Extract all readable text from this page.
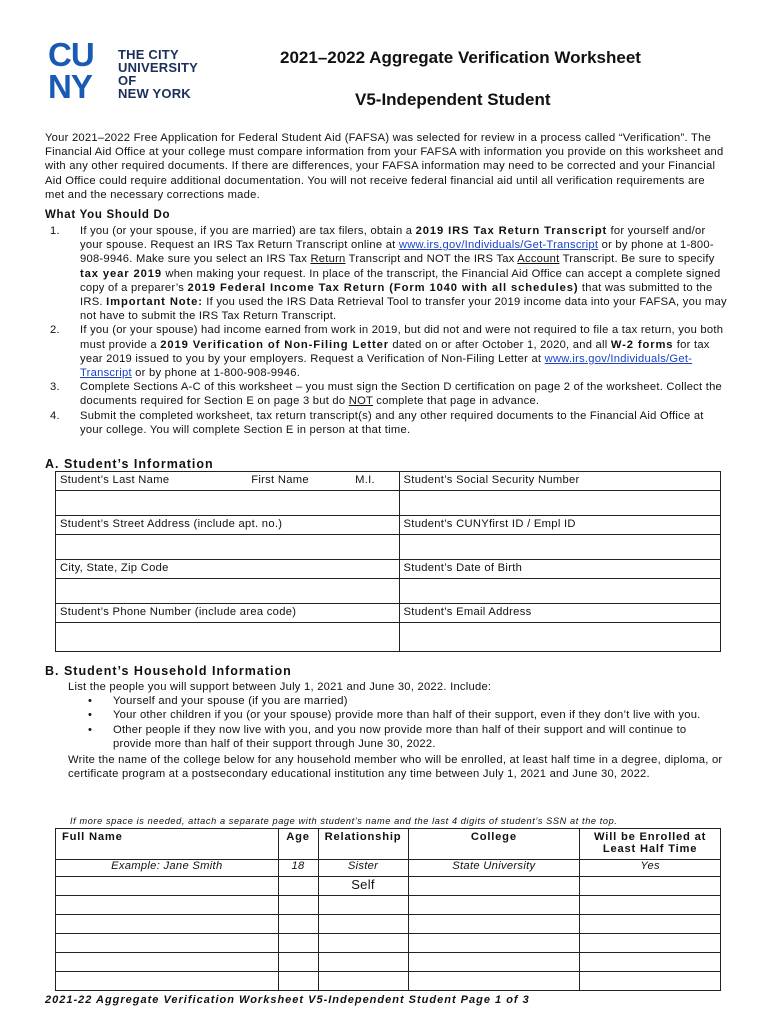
CU
NY
THE CITY
UNIVERSITY
OF
NEW YORK
2021–2022 Aggregate Verification Worksheet
V5-Independent Student
Your 2021–2022 Free Application for Federal Student Aid (FAFSA) was selected for review in a process called “Verification”. The Financial Aid Office at your college must compare information from your FAFSA with information you provide on this worksheet and with any other required documents. If there are differences, your FAFSA information may need to be corrected and your Financial Aid Office could require additional documentation. You will not receive federal financial aid until all verification requirements are met and the necessary corrections made.
What You Should Do
1. If you (or your spouse, if you are married) are tax filers, obtain a 2019 IRS Tax Return Transcript for yourself and/or your spouse. Request an IRS Tax Return Transcript online at www.irs.gov/Individuals/Get-Transcript or by phone at 1-800-908-9946. Make sure you select an IRS Tax Return Transcript and NOT the IRS Tax Account Transcript. Be sure to specify tax year 2019 when making your request. In place of the transcript, the Financial Aid Office can accept a complete signed copy of a preparer’s 2019 Federal Income Tax Return (Form 1040 with all schedules) that was submitted to the IRS. Important Note: If you used the IRS Data Retrieval Tool to transfer your 2019 income data into your FAFSA, you may not have to submit the IRS Tax Return Transcript.
2. If you (or your spouse) had income earned from work in 2019, but did not and were not required to file a tax return, you both must provide a 2019 Verification of Non-Filing Letter dated on or after October 1, 2020, and all W-2 forms for tax year 2019 issued to you by your employers. Request a Verification of Non-Filing Letter at www.irs.gov/Individuals/Get-Transcript or by phone at 1-800-908-9946.
3. Complete Sections A-C of this worksheet – you must sign the Section D certification on page 2 of the worksheet. Collect the documents required for Section E on page 3 but do NOT complete that page in advance.
4. Submit the completed worksheet, tax return transcript(s) and any other required documents to the Financial Aid Office at your college. You will complete Section E in person at that time.
A. Student’s Information
Student’s Last Name	First Name	M.I.	Student’s Social Security Number

Student’s Street Address (include apt. no.)			Student’s CUNYfirst ID / Empl ID

City, State, Zip Code			Student’s Date of Birth

Student’s Phone Number (include area code)			Student’s Email Address

B. Student’s Household Information
List the people you will support between July 1, 2021 and June 30, 2022. Include:
• Yourself and your spouse (if you are married)
• Your other children if you (or your spouse) provide more than half of their support, even if they don’t live with you.
• Other people if they now live with you, and you now provide more than half of their support and will continue to provide more than half of their support through June 30, 2022.
Write the name of the college below for any household member who will be enrolled, at least half time in a degree, diploma, or certificate program at a postsecondary educational institution any time between July 1, 2021 and June 30, 2022.
If more space is needed, attach a separate page with student’s name and the last 4 digits of student’s SSN at the top.
Full Name	Age	Relationship	College	Will be Enrolled at Least Half Time
Example: Jane Smith	18	Sister	State University	Yes
		Self		

2021-22 Aggregate Verification Worksheet V5-Independent Student Page 1 of 3
